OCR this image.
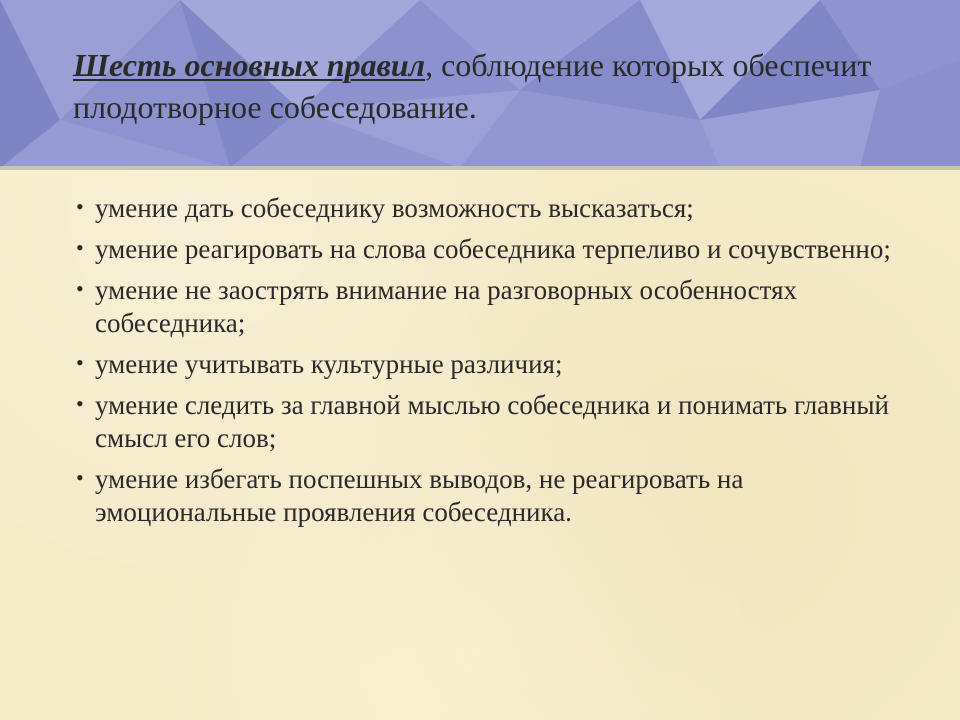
Шесть основных правил, соблюдение которых обеспечит плодотворное собеседование.
• умение дать собеседнику возможность высказаться;
• умение реагировать на слова собеседника терпеливо и сочувственно;
• умение не заострять внимание на разговорных особенностях собеседника;
• умение учитывать культурные различия;
• умение следить за главной мыслью собеседника и понимать главный смысл его слов;
• умение избегать поспешных выводов, не реагировать на эмоциональные проявления собеседника.
